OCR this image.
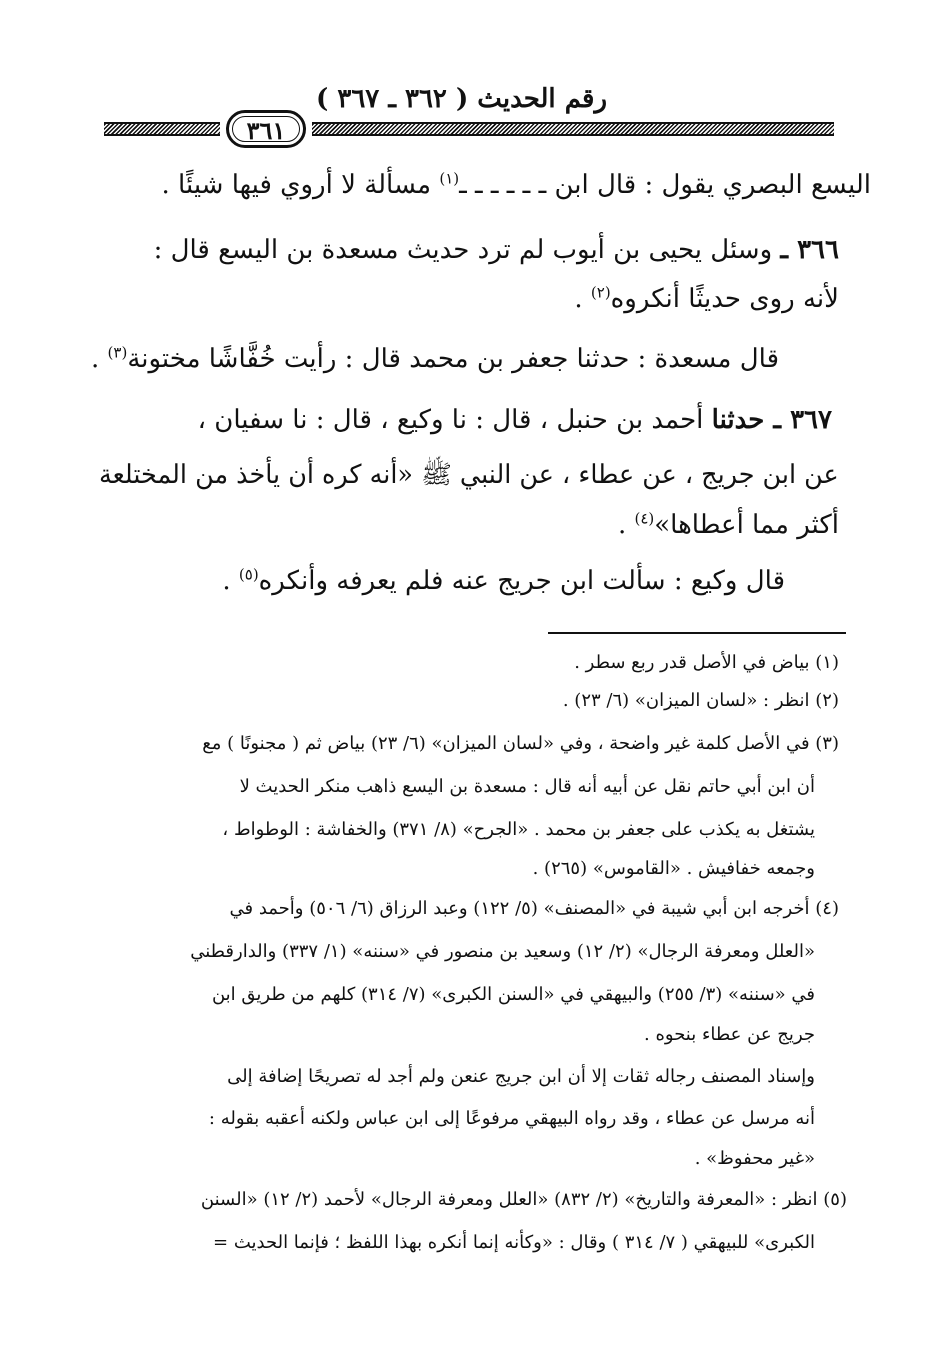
رقم الحديث ( ٣٦٢ ـ ٣٦٧ )
٣٦١
اليسع البصري يقول : قال ابن ـ ـ ـ ـ ـ ـ$^{(١)}$ مسألة لا أروي فيها شيئًا .
٣٦٦ ـ وسئل يحيى بن أيوب لم ترد حديث مسعدة بن اليسع قال :
لأنه روى حديثًا أنكروه$^{(٢)}$ .
قال مسعدة : حدثنا جعفر بن محمد قال : رأيت خُفَّاشًا مختونة$^{(٣)}$ .
٣٦٧ ـ حدثنا أحمد بن حنبل ، قال : نا وكيع ، قال : نا سفيان ،
عن ابن جريج ، عن عطاء ، عن النبي ﷺ «أنه كره أن يأخذ من المختلعة
أكثر مما أعطاها»$^{(٤)}$ .
قال وكيع : سألت ابن جريج عنه فلم يعرفه وأنكره$^{(٥)}$ .
(١) بياض في الأصل قدر ربع سطر .
(٢) انظر : «لسان الميزان» (٦/ ٢٣) .
(٣) في الأصل كلمة غير واضحة ، وفي «لسان الميزان» (٦/ ٢٣) بياض ثم ( مجنونًا ) مع
أن ابن أبي حاتم نقل عن أبيه أنه قال : مسعدة بن اليسع ذاهب منكر الحديث لا
يشتغل به يكذب على جعفر بن محمد . «الجرح» (٨/ ٣٧١) والخفاشة : الوطواط ،
وجمعه خفافيش . «القاموس» (٢٦٥) .
(٤) أخرجه ابن أبي شيبة في «المصنف» (٥/ ١٢٢) وعبد الرزاق (٦/ ٥٠٦) وأحمد في
«العلل ومعرفة الرجال» (٢/ ١٢) وسعيد بن منصور في «سننه» (١/ ٣٣٧) والدارقطني
في «سننه» (٣/ ٢٥٥) والبيهقي في «السنن الكبرى» (٧/ ٣١٤) كلهم من طريق ابن
جريج عن عطاء بنحوه .
وإسناد المصنف رجاله ثقات إلا أن ابن جريج عنعن ولم أجد له تصريحًا إضافة إلى
أنه مرسل عن عطاء ، وقد رواه البيهقي مرفوعًا إلى ابن عباس ولكنه أعقبه بقوله :
«غير محفوظ» .
(٥) انظر : «المعرفة والتاريخ» (٢/ ٨٣٢) «العلل ومعرفة الرجال» لأحمد (٢/ ١٢) «السنن
الكبرى» للبيهقي ( ٧/ ٣١٤ ) وقال : «وكأنه إنما أنكره بهذا اللفظ ؛ فإنما الحديث =
